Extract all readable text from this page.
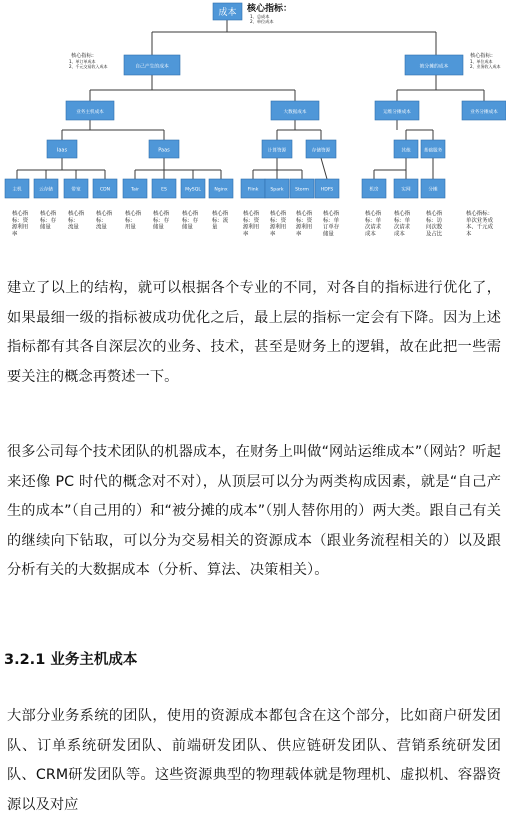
成本 核心指标：
1、总成本
2、单位成本
自己产生的成本
核心指标：
1、单订单成本
2、千元交易收入成本	被分摊的成本
核心指标：
1、单位成本
2、业务收入成本
业务主机成本	大数据成本	运维分摊成本	业务分摊成本
Iaas	Paas	计算资源	存储资源	其他	基础服务
主机	云存储	带宽	CDN	Tair	ES	MySQL	Nginx	Flink	Spark Storm	HDFS	机房	实网	分摊
核心指
标：资
源利用
率
核心指
标：存
储量
核心指
标：
流量
核心指
标：
流量
核心指
标：
用量
核心指
标：存
储量
核心指
标：存
储量
核心指
标：流
量
核心指
标：资
源利用
率
核心指
标：资
源利用
率
核心指
标：资
源利用
率
核心指
标：单
订单存
储量
核心指
标：单
次请求
成本
核心指
标：单
次请求
成本
核心指
标：访
问次数
及占比
核心指标：
单次业务成
本、千元成
本

建立了以上的结构，就可以根据各个专业的不同，对各自的指标进行优化了，如果最细一级的指标被成功优化之后，最上层的指标一定会有下降。因为上述指标都有其各自深层次的业务、技术，甚至是财务上的逻辑，故在此把一些需要关注的概念再赘述一下。

很多公司每个技术团队的机器成本，在财务上叫做“网站运维成本”（网站？听起来还像 PC 时代的概念对不对），从顶层可以分为两类构成因素，就是“自己产生的成本”（自己用的）和“被分摊的成本”（别人替你用的）两大类。跟自己有关的继续向下钻取，可以分为交易相关的资源成本（跟业务流程相关的）以及跟分析有关的大数据成本（分析、算法、决策相关）。

3.2.1 业务主机成本

大部分业务系统的团队，使用的资源成本都包含在这个部分，比如商户研发团队、订单系统研发团队、前端研发团队、供应链研发团队、营销系统研发团队、CRM研发团队等。这些资源典型的物理载体就是物理机、虚拟机、容器资源以及对应
